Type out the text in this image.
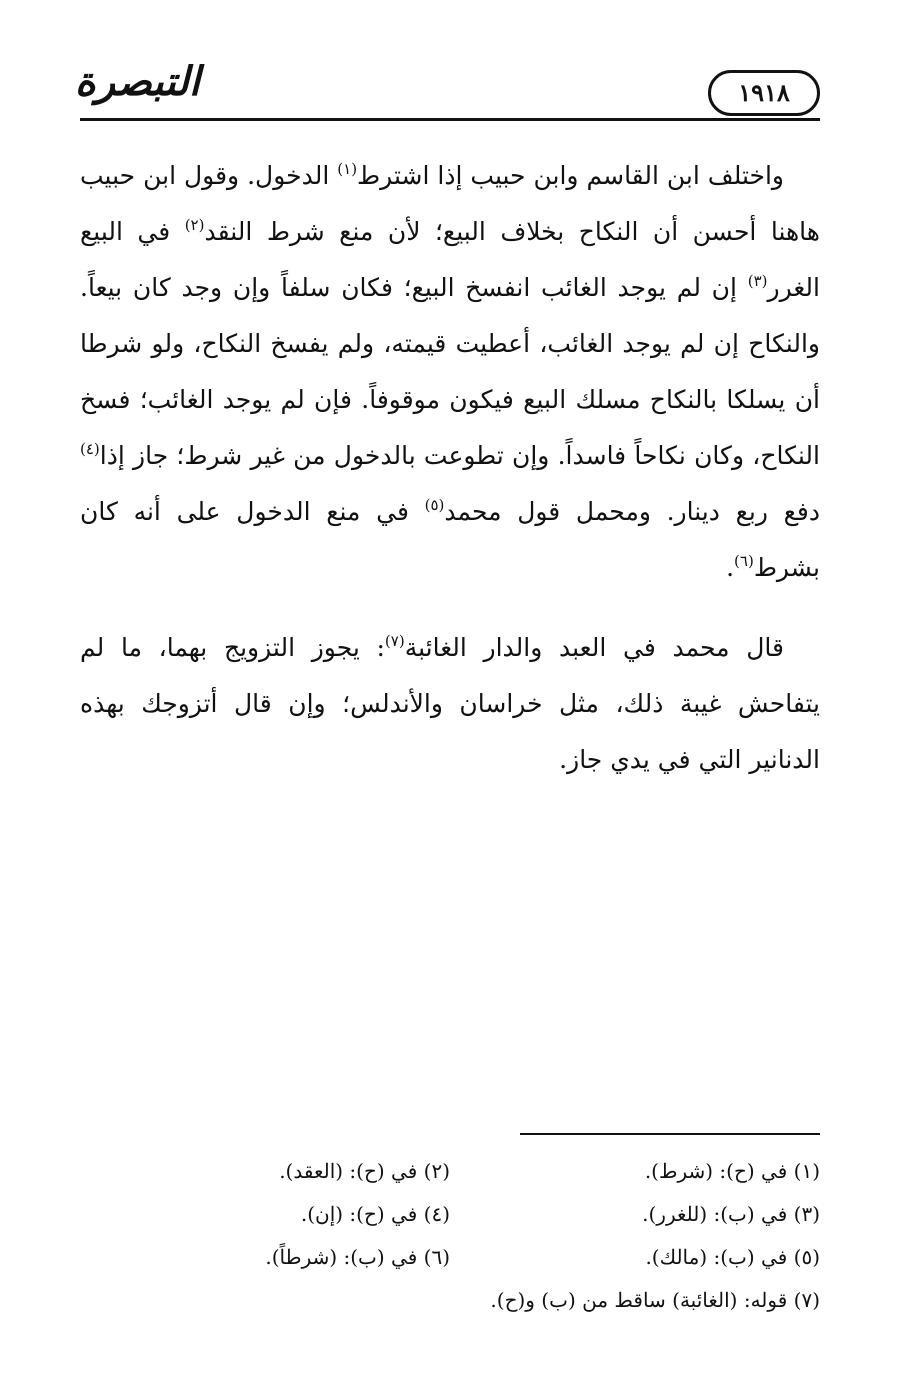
١٩١٨
التبصرة

واختلف ابن القاسم وابن حبيب إذا اشترط$^{(١)}$ الدخول. وقول ابن حبيب هاهنا أحسن أن النكاح بخلاف البيع؛ لأن منع شرط النقد$^{(٢)}$ في البيع الغرر$^{(٣)}$ إن لم يوجد الغائب انفسخ البيع؛ فكان سلفاً وإن وجد كان بيعاً. والنكاح إن لم يوجد الغائب، أعطيت قيمته، ولم يفسخ النكاح، ولو شرطا أن يسلكا بالنكاح مسلك البيع فيكون موقوفاً. فإن لم يوجد الغائب؛ فسخ النكاح، وكان نكاحاً فاسداً. وإن تطوعت بالدخول من غير شرط؛ جاز إذا$^{(٤)}$ دفع ربع دينار. ومحمل قول محمد$^{(٥)}$ في منع الدخول على أنه كان بشرط$^{(٦)}$.

قال محمد في العبد والدار الغائبة$^{(٧)}$: يجوز التزويج بهما، ما لم يتفاحش غيبة ذلك، مثل خراسان والأندلس؛ وإن قال أتزوجك بهذه الدنانير التي في يدي جاز.

(١) في (ح): (شرط).
(٢) في (ح): (العقد).
(٣) في (ب): (للغرر).
(٤) في (ح): (إن).
(٥) في (ب): (مالك).
(٦) في (ب): (شرطاً).
(٧) قوله: (الغائبة) ساقط من (ب) و(ح).
